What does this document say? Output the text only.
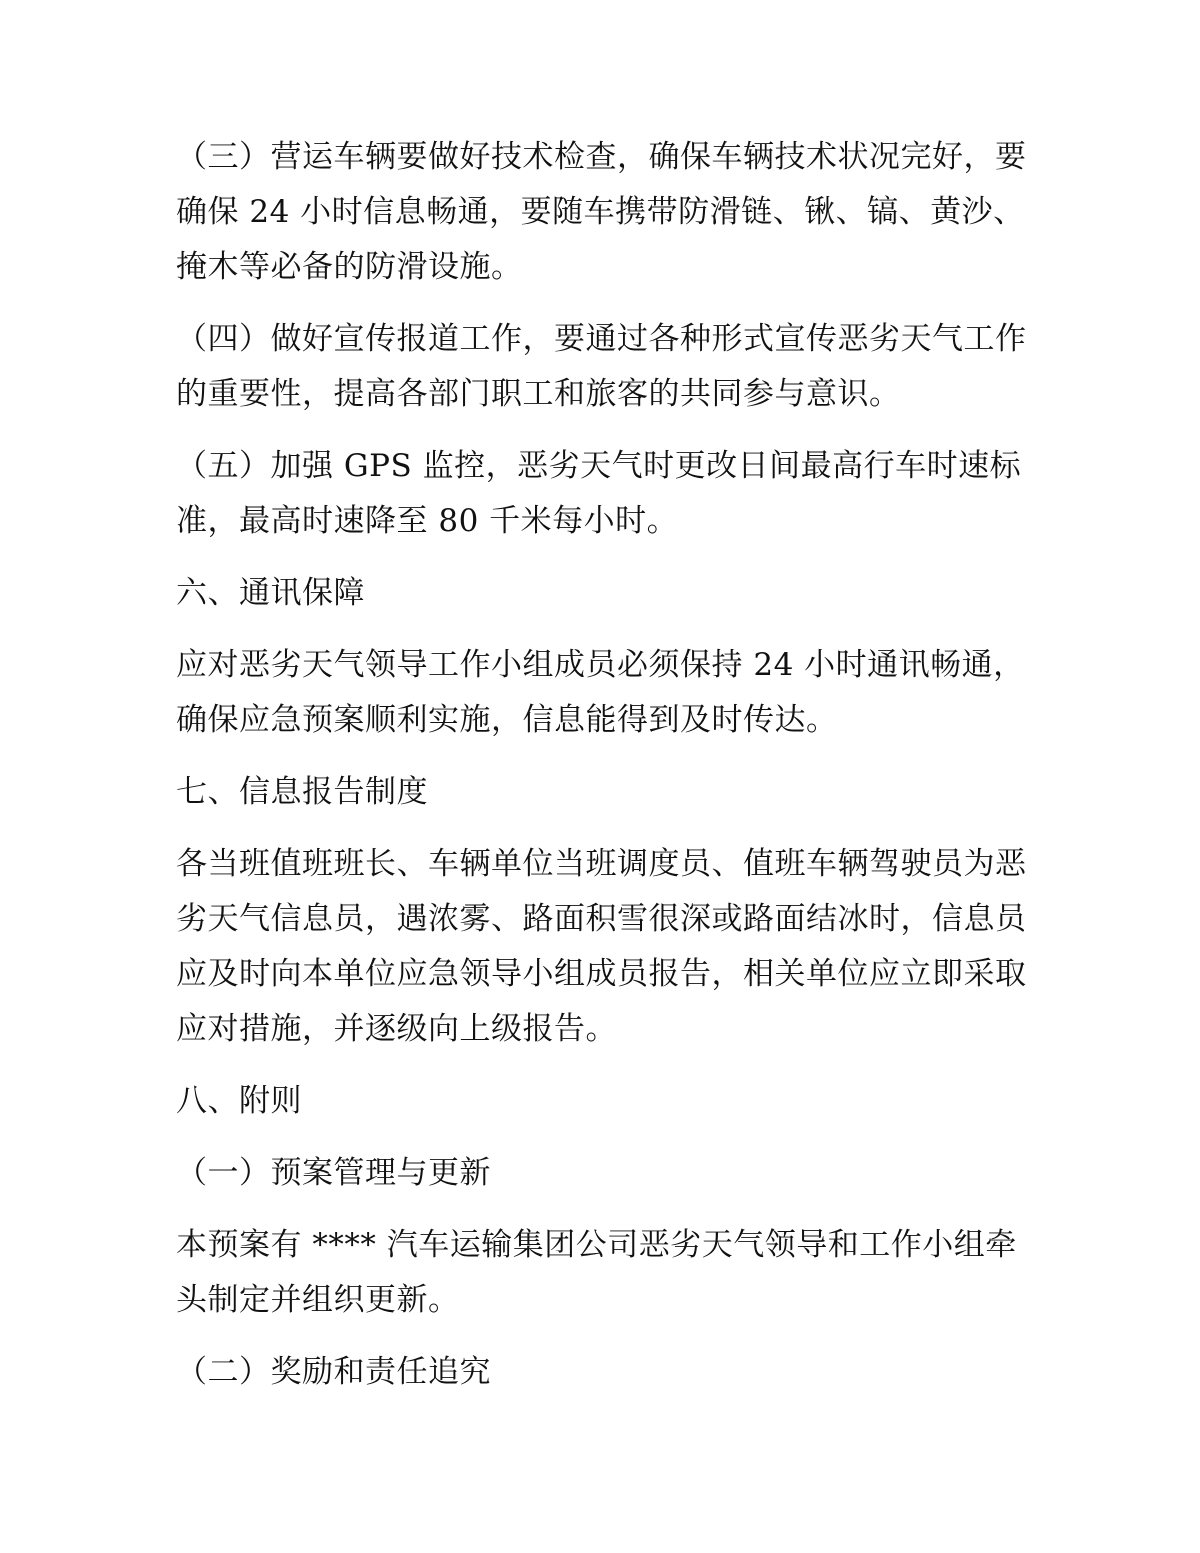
（三）营运车辆要做好技术检查，确保车辆技术状况完好，要确保 24 小时信息畅通，要随车携带防滑链、锹、镐、黄沙、掩木等必备的防滑设施。

（四）做好宣传报道工作，要通过各种形式宣传恶劣天气工作的重要性，提高各部门职工和旅客的共同参与意识。

（五）加强 GPS 监控，恶劣天气时更改日间最高行车时速标准，最高时速降至 80 千米每小时。

六、通讯保障

应对恶劣天气领导工作小组成员必须保持 24 小时通讯畅通，确保应急预案顺利实施，信息能得到及时传达。

七、信息报告制度

各当班值班班长、车辆单位当班调度员、值班车辆驾驶员为恶劣天气信息员，遇浓雾、路面积雪很深或路面结冰时，信息员应及时向本单位应急领导小组成员报告，相关单位应立即采取应对措施，并逐级向上级报告。

八、附则

（一）预案管理与更新

本预案有 **** 汽车运输集团公司恶劣天气领导和工作小组牵头制定并组织更新。

（二）奖励和责任追究
